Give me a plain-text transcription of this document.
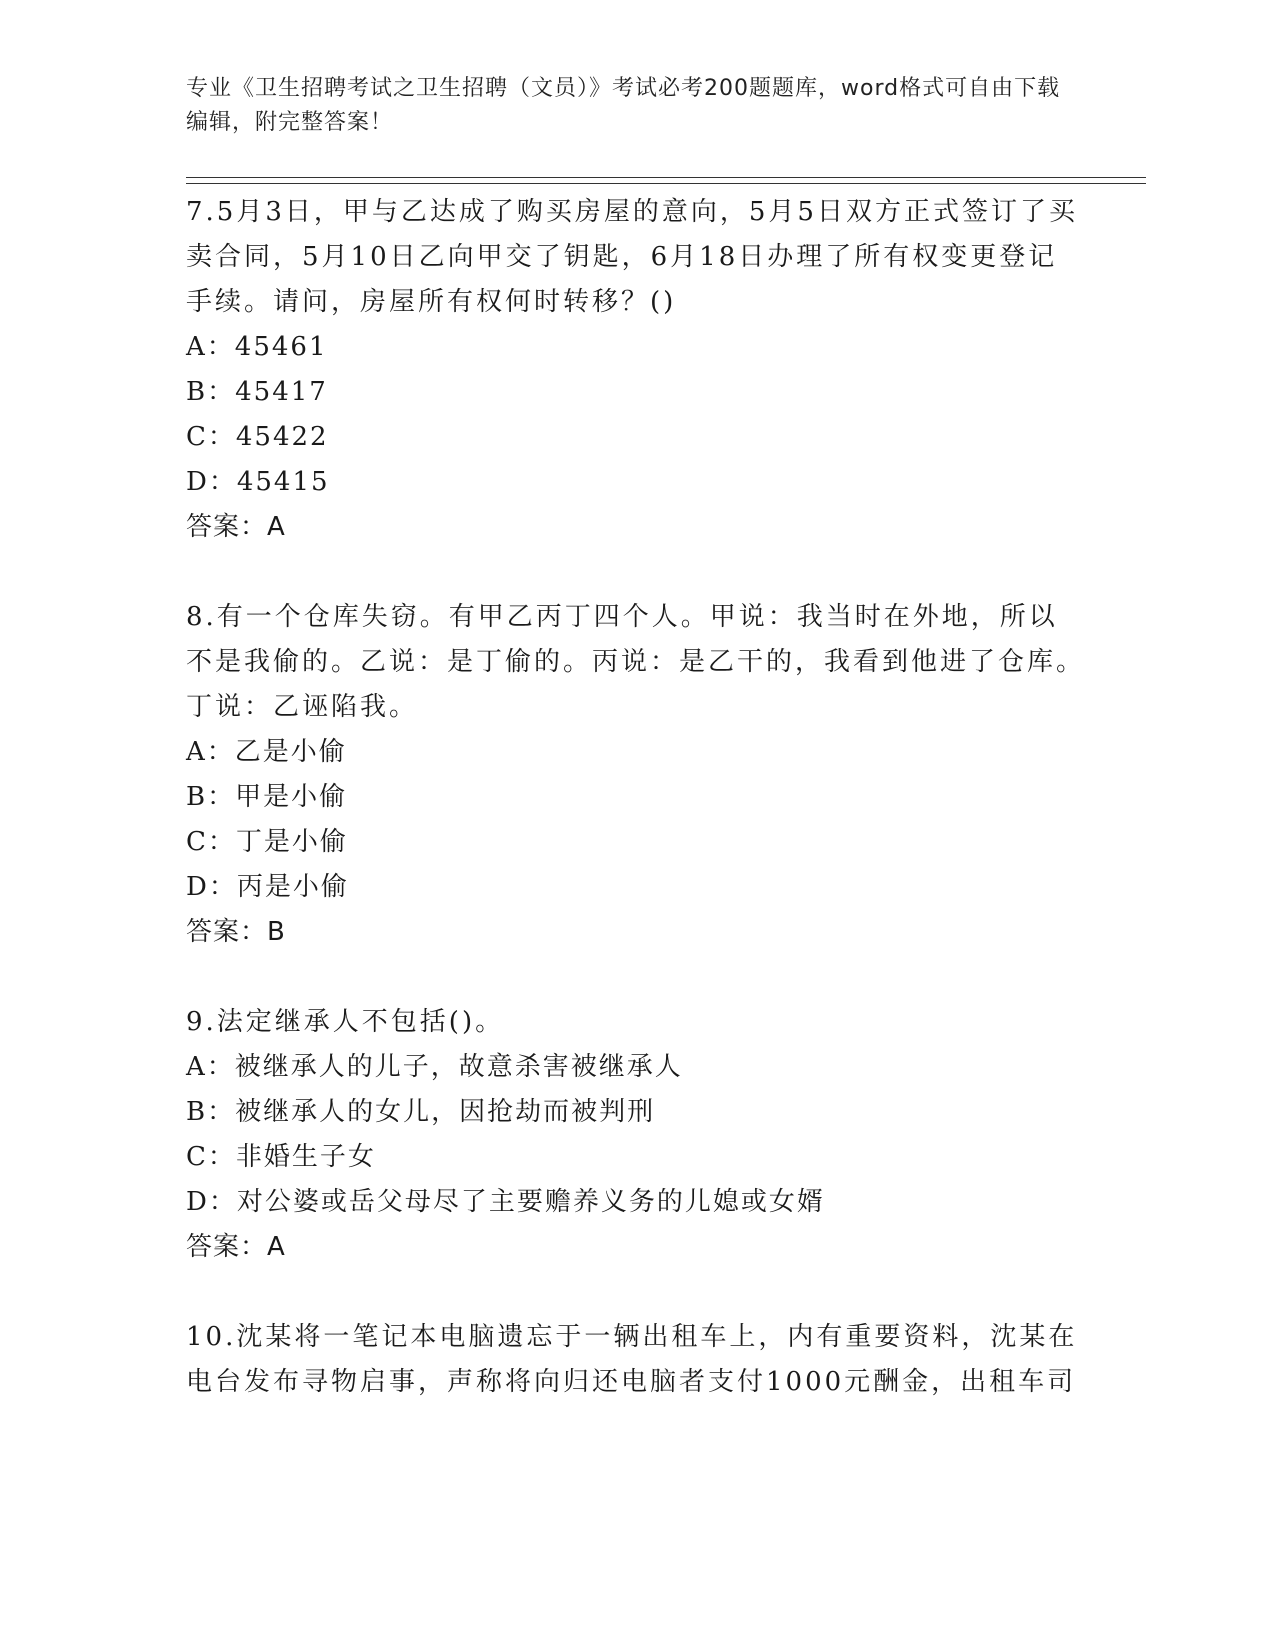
专业《卫生招聘考试之卫生招聘（文员）》考试必考200题题库，word格式可自由下载编辑，附完整答案！

7.5月3日，甲与乙达成了购买房屋的意向，5月5日双方正式签订了买卖合同，5月10日乙向甲交了钥匙，6月18日办理了所有权变更登记手续。请问，房屋所有权何时转移？()

A：45461

B：45417

C：45422

D：45415

答案：A

8.有一个仓库失窃。有甲乙丙丁四个人。甲说：我当时在外地，所以不是我偷的。乙说：是丁偷的。丙说：是乙干的，我看到他进了仓库。丁说：乙诬陷我。

A：乙是小偷

B：甲是小偷

C：丁是小偷

D：丙是小偷

答案：B

9.法定继承人不包括()。

A：被继承人的儿子，故意杀害被继承人

B：被继承人的女儿，因抢劫而被判刑

C：非婚生子女

D：对公婆或岳父母尽了主要赡养义务的儿媳或女婿

答案：A

10.沈某将一笔记本电脑遗忘于一辆出租车上，内有重要资料，沈某在电台发布寻物启事，声称将向归还电脑者支付1000元酬金，出租车司
